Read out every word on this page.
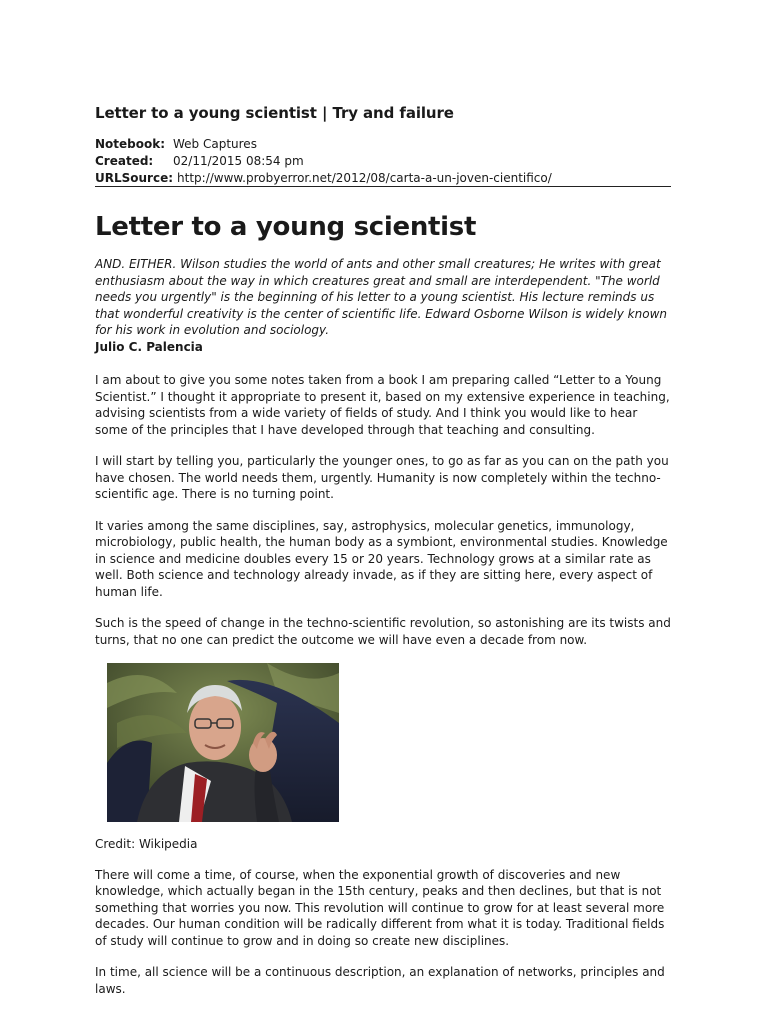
Letter to a young scientist | Try and failure
Notebook: Web Captures
Created:	02/11/2015 08:54 pm
URLSource: http://www.probyerror.net/2012/08/carta-a-un-joven-cientifico/
Letter to a young scientist

AND. EITHER. Wilson studies the world of ants and other small creatures; He writes with great enthusiasm about the way in which creatures great and small are interdependent. "The world needs you urgently" is the beginning of his letter to a young scientist. His lecture reminds us that wonderful creativity is the center of scientific life. Edward Osborne Wilson is widely known for his work in evolution and sociology.

Julio C. Palencia

I am about to give you some notes taken from a book I am preparing called “Letter to a Young Scientist.” I thought it appropriate to present it, based on my extensive experience in teaching, advising scientists from a wide variety of fields of study. And I think you would like to hear some of the principles that I have developed through that teaching and consulting.

I will start by telling you, particularly the younger ones, to go as far as you can on the path you have chosen. The world needs them, urgently. Humanity is now completely within the techno-scientific age. There is no turning point.

It varies among the same disciplines, say, astrophysics, molecular genetics, immunology, microbiology, public health, the human body as a symbiont, environmental studies. Knowledge in science and medicine doubles every 15 or 20 years. Technology grows at a similar rate as well. Both science and technology already invade, as if they are sitting here, every aspect of human life.

Such is the speed of change in the techno-scientific revolution, so astonishing are its twists and turns, that no one can predict the outcome we will have even a decade from now.

Credit: Wikipedia

There will come a time, of course, when the exponential growth of discoveries and new knowledge, which actually began in the 15th century, peaks and then declines, but that is not something that worries you now. This revolution will continue to grow for at least several more decades. Our human condition will be radically different from what it is today. Traditional fields of study will continue to grow and in doing so create new disciplines.

In time, all science will be a continuous description, an explanation of networks, principles and laws.
